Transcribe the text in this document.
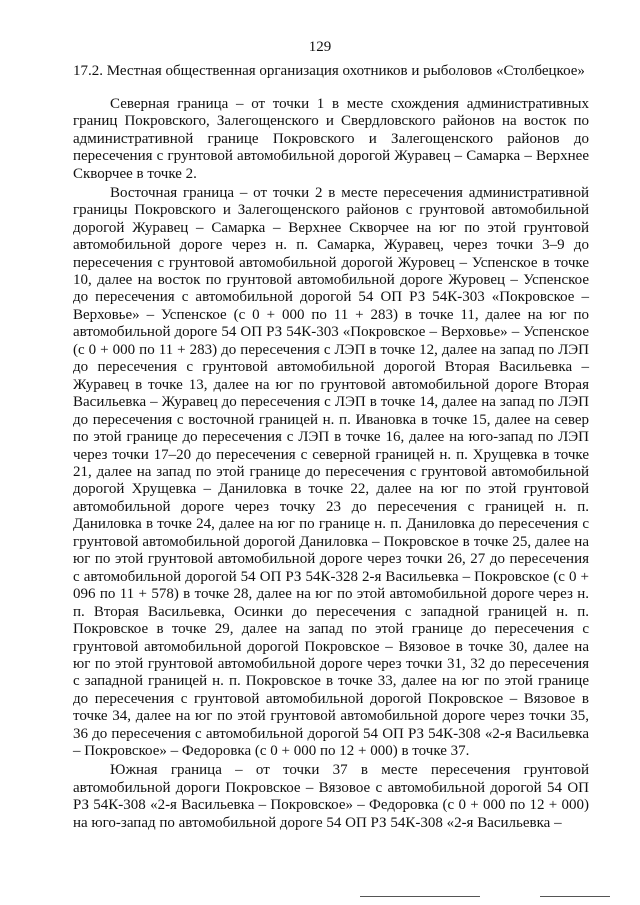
129
17.2. Местная общественная организация охотников и рыболовов «Столбецкое»

Северная граница – от точки 1 в месте схождения административных границ Покровского, Залегощенского и Свердловского районов на восток по административной границе Покровского и Залегощенского районов до пересечения с грунтовой автомобильной дорогой Журавец – Самарка – Верхнее Скворчее в точке 2.

Восточная граница – от точки 2 в месте пересечения административной границы Покровского и Залегощенского районов с грунтовой автомобильной дорогой Журавец – Самарка – Верхнее Скворчее на юг по этой грунтовой автомобильной дороге через н. п. Самарка, Журавец, через точки 3–9 до пересечения с грунтовой автомобильной дорогой Журовец – Успенское в точке 10, далее на восток по грунтовой автомобильной дороге Журовец – Успенское до пересечения с автомобильной дорогой 54 ОП РЗ 54К-303 «Покровское – Верховье» – Успенское (с 0 + 000 по 11 + 283) в точке 11, далее на юг по автомобильной дороге 54 ОП РЗ 54К-303 «Покровское – Верховье» – Успенское (с 0 + 000 по 11 + 283) до пересечения с ЛЭП в точке 12, далее на запад по ЛЭП до пересечения с грунтовой автомобильной дорогой Вторая Васильевка – Журавец в точке 13, далее на юг по грунтовой автомобильной дороге Вторая Васильевка – Журавец до пересечения с ЛЭП в точке 14, далее на запад по ЛЭП до пересечения с восточной границей н. п. Ивановка в точке 15, далее на север по этой границе до пересечения с ЛЭП в точке 16, далее на юго-запад по ЛЭП через точки 17–20 до пересечения с северной границей н. п. Хрущевка в точке 21, далее на запад по этой границе до пересечения с грунтовой автомобильной дорогой Хрущевка – Даниловка в точке 22, далее на юг по этой грунтовой автомобильной дороге через точку 23 до пересечения с границей н. п. Даниловка в точке 24, далее на юг по границе н. п. Даниловка до пересечения с грунтовой автомобильной дорогой Даниловка – Покровское в точке 25, далее на юг по этой грунтовой автомобильной дороге через точки 26, 27 до пересечения с автомобильной дорогой 54 ОП РЗ 54К-328 2-я Васильевка – Покровское (с 0 + 096 по 11 + 578) в точке 28, далее на юг по этой автомобильной дороге через н. п. Вторая Васильевка, Осинки до пересечения с западной границей н. п. Покровское в точке 29, далее на запад по этой границе до пересечения с грунтовой автомобильной дорогой Покровское – Вязовое в точке 30, далее на юг по этой грунтовой автомобильной дороге через точки 31, 32 до пересечения с западной границей н. п. Покровское в точке 33, далее на юг по этой границе до пересечения с грунтовой автомобильной дорогой Покровское – Вязовое в точке 34, далее на юг по этой грунтовой автомобильной дороге через точки 35, 36 до пересечения с автомобильной дорогой 54 ОП РЗ 54К-308 «2-я Васильевка – Покровское» – Федоровка (с 0 + 000 по 12 + 000) в точке 37.

Южная граница – от точки 37 в месте пересечения грунтовой автомобильной дороги Покровское – Вязовое с автомобильной дорогой 54 ОП РЗ 54К-308 «2-я Васильевка – Покровское» – Федоровка (с 0 + 000 по 12 + 000) на юго-запад по автомобильной дороге 54 ОП РЗ 54К-308 «2-я Васильевка –
